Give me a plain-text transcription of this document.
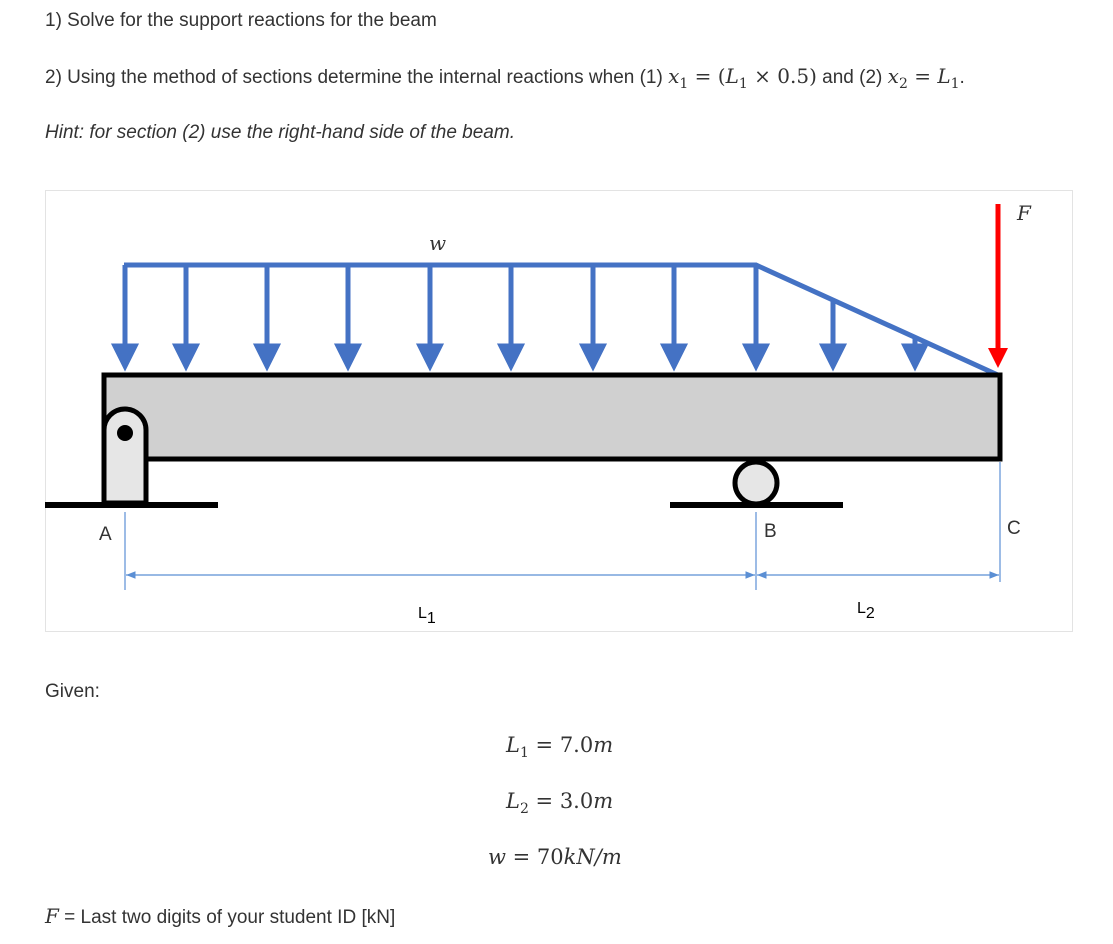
1) Solve for the support reactions for the beam
2) Using the method of sections determine the internal reactions when (1) $x_1 = (L_1 \times 0.5)$ and (2) $x_2 = L_1$.
Hint: for section (2) use the right-hand side of the beam.
w
F
A	B	C
L1
L2
Given:
$L_1 = 7.0m$
$L_2 = 3.0m$
w = 70kN/m
F = Last two digits of your student ID [kN]
